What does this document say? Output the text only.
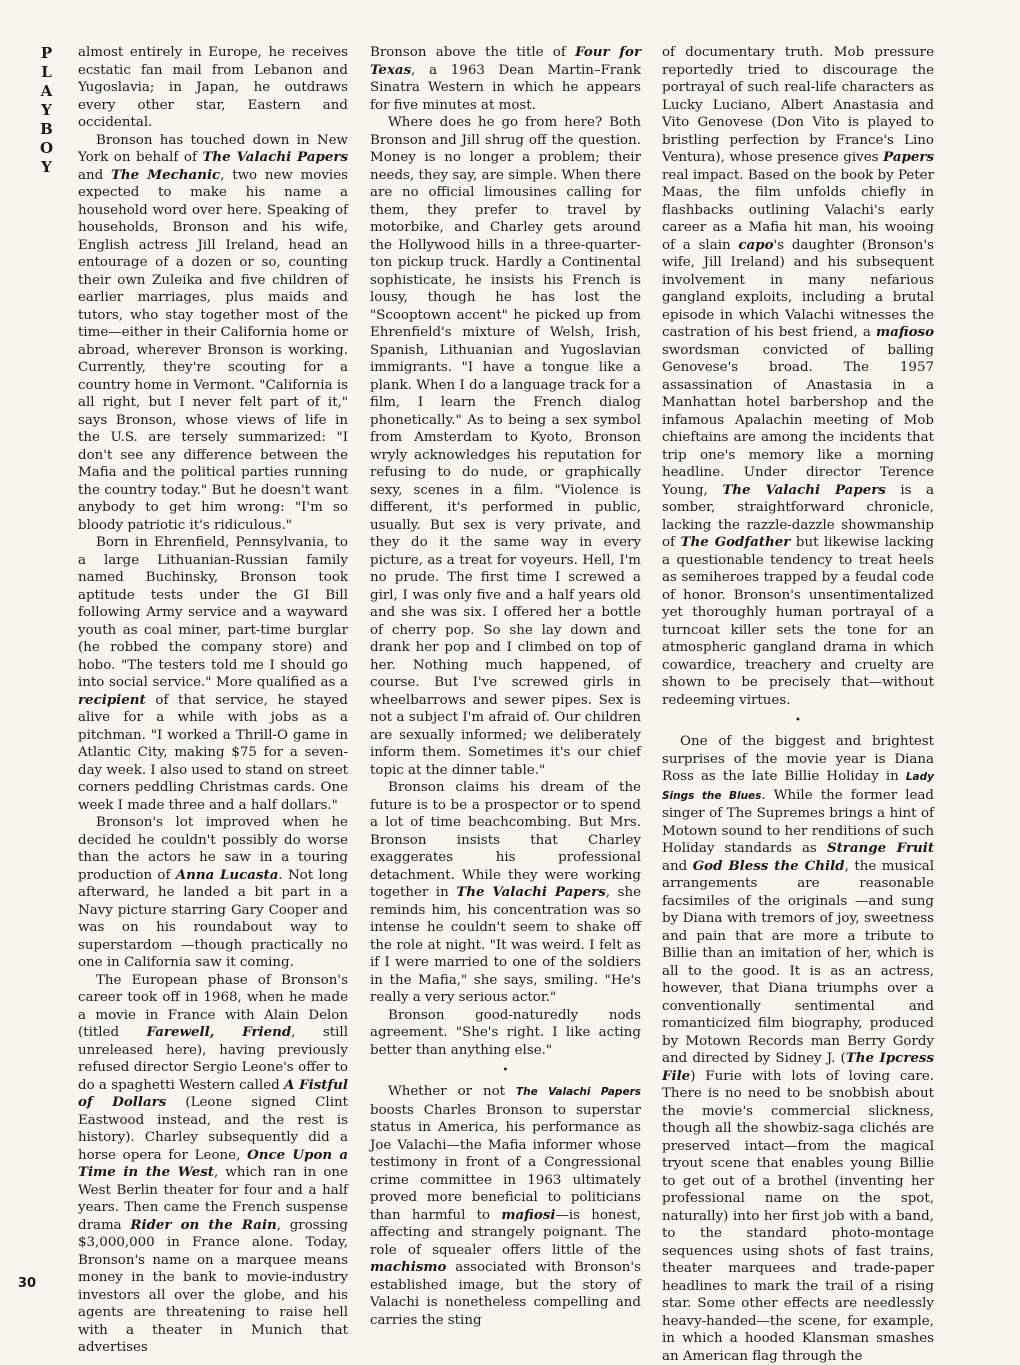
P
L
A
Y
B
O
Y
30

almost entirely in Europe, he receives ecstatic fan mail from Lebanon and Yugoslavia; in Japan, he outdraws every other star, Eastern and occidental.

Bronson has touched down in New York on behalf of The Valachi Papers and The Mechanic, two new movies expected to make his name a household word over here. Speaking of households, Bronson and his wife, English actress Jill Ireland, head an entourage of a dozen or so, counting their own Zuleika and five children of earlier marriages, plus maids and tutors, who stay together most of the time—either in their California home or abroad, wherever Bronson is working. Currently, they're scouting for a country home in Vermont. "California is all right, but I never felt part of it," says Bronson, whose views of life in the U.S. are tersely summarized: "I don't see any difference between the Mafia and the political parties running the country today." But he doesn't want anybody to get him wrong: "I'm so bloody patriotic it's ridiculous."

Born in Ehrenfield, Pennsylvania, to a large Lithuanian-Russian family named Buchinsky, Bronson took aptitude tests under the GI Bill following Army service and a wayward youth as coal miner, part-time burglar (he robbed the company store) and hobo. "The testers told me I should go into social service." More qualified as a recipient of that service, he stayed alive for a while with jobs as a pitchman. "I worked a Thrill-O game in Atlantic City, making $75 for a seven-day week. I also used to stand on street corners peddling Christmas cards. One week I made three and a half dollars."

Bronson's lot improved when he decided he couldn't possibly do worse than the actors he saw in a touring production of Anna Lucasta. Not long afterward, he landed a bit part in a Navy picture starring Gary Cooper and was on his roundabout way to superstardom —though practically no one in California saw it coming.

The European phase of Bronson's career took off in 1968, when he made a movie in France with Alain Delon (titled Farewell, Friend, still unreleased here), having previously refused director Sergio Leone's offer to do a spaghetti Western called A Fistful of Dollars (Leone signed Clint Eastwood instead, and the rest is history). Charley subsequently did a horse opera for Leone, Once Upon a Time in the West, which ran in one West Berlin theater for four and a half years. Then came the French suspense drama Rider on the Rain, grossing $3,000,000 in France alone. Today, Bronson's name on a marquee means money in the bank to movie-industry investors all over the globe, and his agents are threatening to raise hell with a theater in Munich that advertises

Bronson above the title of Four for Texas, a 1963 Dean Martin–Frank Sinatra Western in which he appears for five minutes at most.

Where does he go from here? Both Bronson and Jill shrug off the question. Money is no longer a problem; their needs, they say, are simple. When there are no official limousines calling for them, they prefer to travel by motorbike, and Charley gets around the Hollywood hills in a three-quarter-ton pickup truck. Hardly a Continental sophisticate, he insists his French is lousy, though he has lost the "Scooptown accent" he picked up from Ehrenfield's mixture of Welsh, Irish, Spanish, Lithuanian and Yugoslavian immigrants. "I have a tongue like a plank. When I do a language track for a film, I learn the French dialog phonetically." As to being a sex symbol from Amsterdam to Kyoto, Bronson wryly acknowledges his reputation for refusing to do nude, or graphically sexy, scenes in a film. "Violence is different, it's performed in public, usually. But sex is very private, and they do it the same way in every picture, as a treat for voyeurs. Hell, I'm no prude. The first time I screwed a girl, I was only five and a half years old and she was six. I offered her a bottle of cherry pop. So she lay down and drank her pop and I climbed on top of her. Nothing much happened, of course. But I've screwed girls in wheelbarrows and sewer pipes. Sex is not a subject I'm afraid of. Our children are sexually informed; we deliberately inform them. Sometimes it's our chief topic at the dinner table."

Bronson claims his dream of the future is to be a prospector or to spend a lot of time beachcombing. But Mrs. Bronson insists that Charley exaggerates his professional detachment. While they were working together in The Valachi Papers, she reminds him, his concentration was so intense he couldn't seem to shake off the role at night. "It was weird. I felt as if I were married to one of the soldiers in the Mafia," she says, smiling. "He's really a very serious actor."

Bronson good-naturedly nods agreement. "She's right. I like acting better than anything else."

•

Whether or not The Valachi Papers boosts Charles Bronson to superstar status in America, his performance as Joe Valachi—the Mafia informer whose testimony in front of a Congressional crime committee in 1963 ultimately proved more beneficial to politicians than harmful to mafiosi—is honest, affecting and strangely poignant. The role of squealer offers little of the machismo associated with Bronson's established image, but the story of Valachi is nonetheless compelling and carries the sting

of documentary truth. Mob pressure reportedly tried to discourage the portrayal of such real-life characters as Lucky Luciano, Albert Anastasia and Vito Genovese (Don Vito is played to bristling perfection by France's Lino Ventura), whose presence gives Papers real impact. Based on the book by Peter Maas, the film unfolds chiefly in flashbacks outlining Valachi's early career as a Mafia hit man, his wooing of a slain capo's daughter (Bronson's wife, Jill Ireland) and his subsequent involvement in many nefarious gangland exploits, including a brutal episode in which Valachi witnesses the castration of his best friend, a mafioso swordsman convicted of balling Genovese's broad. The 1957 assassination of Anastasia in a Manhattan hotel barbershop and the infamous Apalachin meeting of Mob chieftains are among the incidents that trip one's memory like a morning headline. Under director Terence Young, The Valachi Papers is a somber, straightforward chronicle, lacking the razzle-dazzle showmanship of The Godfather but likewise lacking a questionable tendency to treat heels as semiheroes trapped by a feudal code of honor. Bronson's unsentimentalized yet thoroughly human portrayal of a turncoat killer sets the tone for an atmospheric gangland drama in which cowardice, treachery and cruelty are shown to be precisely that—without redeeming virtues.

•

One of the biggest and brightest surprises of the movie year is Diana Ross as the late Billie Holiday in Lady Sings the Blues. While the former lead singer of The Supremes brings a hint of Motown sound to her renditions of such Holiday standards as Strange Fruit and God Bless the Child, the musical arrangements are reasonable facsimiles of the originals —and sung by Diana with tremors of joy, sweetness and pain that are more a tribute to Billie than an imitation of her, which is all to the good. It is as an actress, however, that Diana triumphs over a conventionally sentimental and romanticized film biography, produced by Motown Records man Berry Gordy and directed by Sidney J. (The Ipcress File) Furie with lots of loving care. There is no need to be snobbish about the movie's commercial slickness, though all the showbiz-saga clichés are preserved intact—from the magical tryout scene that enables young Billie to get out of a brothel (inventing her professional name on the spot, naturally) into her first job with a band, to the standard photo-montage sequences using shots of fast trains, theater marquees and trade-paper headlines to mark the trail of a rising star. Some other effects are needlessly heavy-handed—the scene, for example, in which a hooded Klansman smashes an American flag through the
